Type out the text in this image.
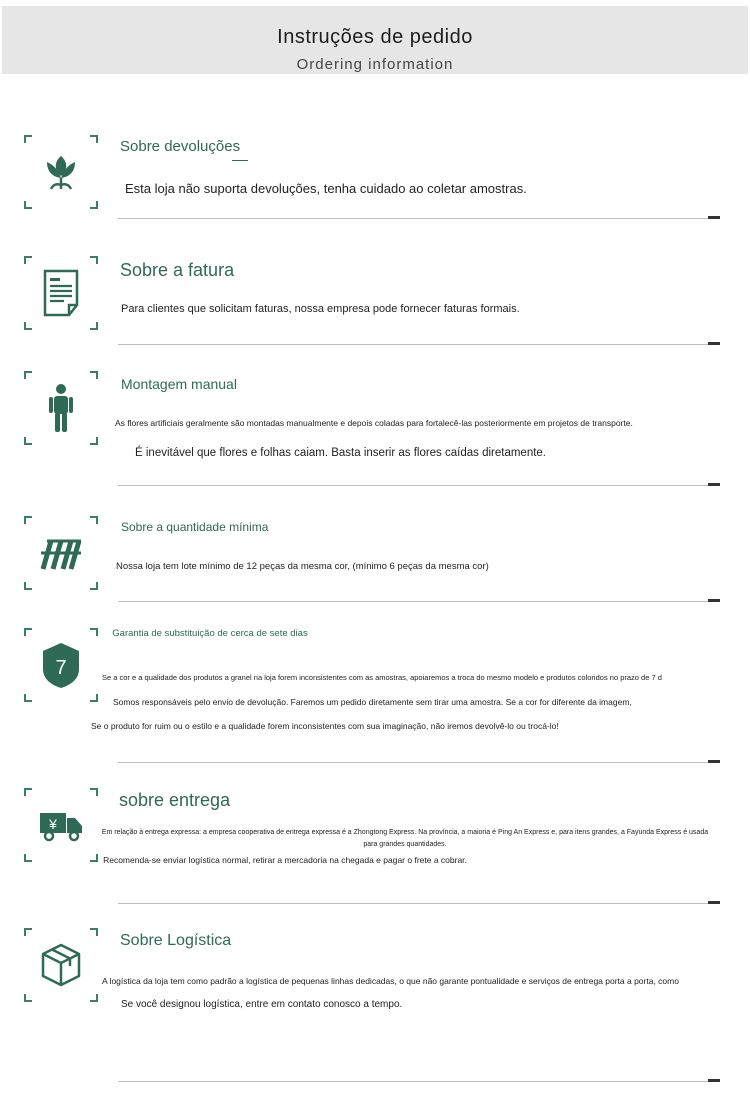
Instruções de pedido
Ordering information
Sobre devoluções
Esta loja não suporta devoluções, tenha cuidado ao coletar amostras.
Sobre a fatura
Para clientes que solicitam faturas, nossa empresa pode fornecer faturas formais.
Montagem manual
As flores artificiais geralmente são montadas manualmente e depois coladas para fortalecê-las posteriormente em projetos de transporte.
É inevitável que flores e folhas caiam. Basta inserir as flores caídas diretamente.
Sobre a quantidade mínima
Nossa loja tem lote mínimo de 12 peças da mesma cor, (mínimo 6 peças da mesma cor)
7
Garantia de substituição de cerca de sete dias
Se a cor e a qualidade dos produtos a granel na loja forem inconsistentes com as amostras, apoiaremos a troca do mesmo modelo e produtos coloridos no prazo de 7 d
Somos responsáveis pelo envio de devolução. Faremos um pedido diretamente sem tirar uma amostra. Se a cor for diferente da imagem,
Se o produto for ruim ou o estilo e a qualidade forem inconsistentes com sua imaginação, não iremos devolvê-lo ou trocá-lo!
¥
sobre entrega
Em relação à entrega expressa: a empresa cooperativa de entrega expressa é a Zhongtong Express. Na província, a maioria é Ping An Express e, para itens grandes, a Fayunda Express é usada para grandes quantidades.
Recomenda-se enviar logística normal, retirar a mercadoria na chegada e pagar o frete a cobrar.
Sobre Logística
A logística da loja tem como padrão a logística de pequenas linhas dedicadas, o que não garante pontualidade e serviços de entrega porta a porta, como
Se você designou logística, entre em contato conosco a tempo.
